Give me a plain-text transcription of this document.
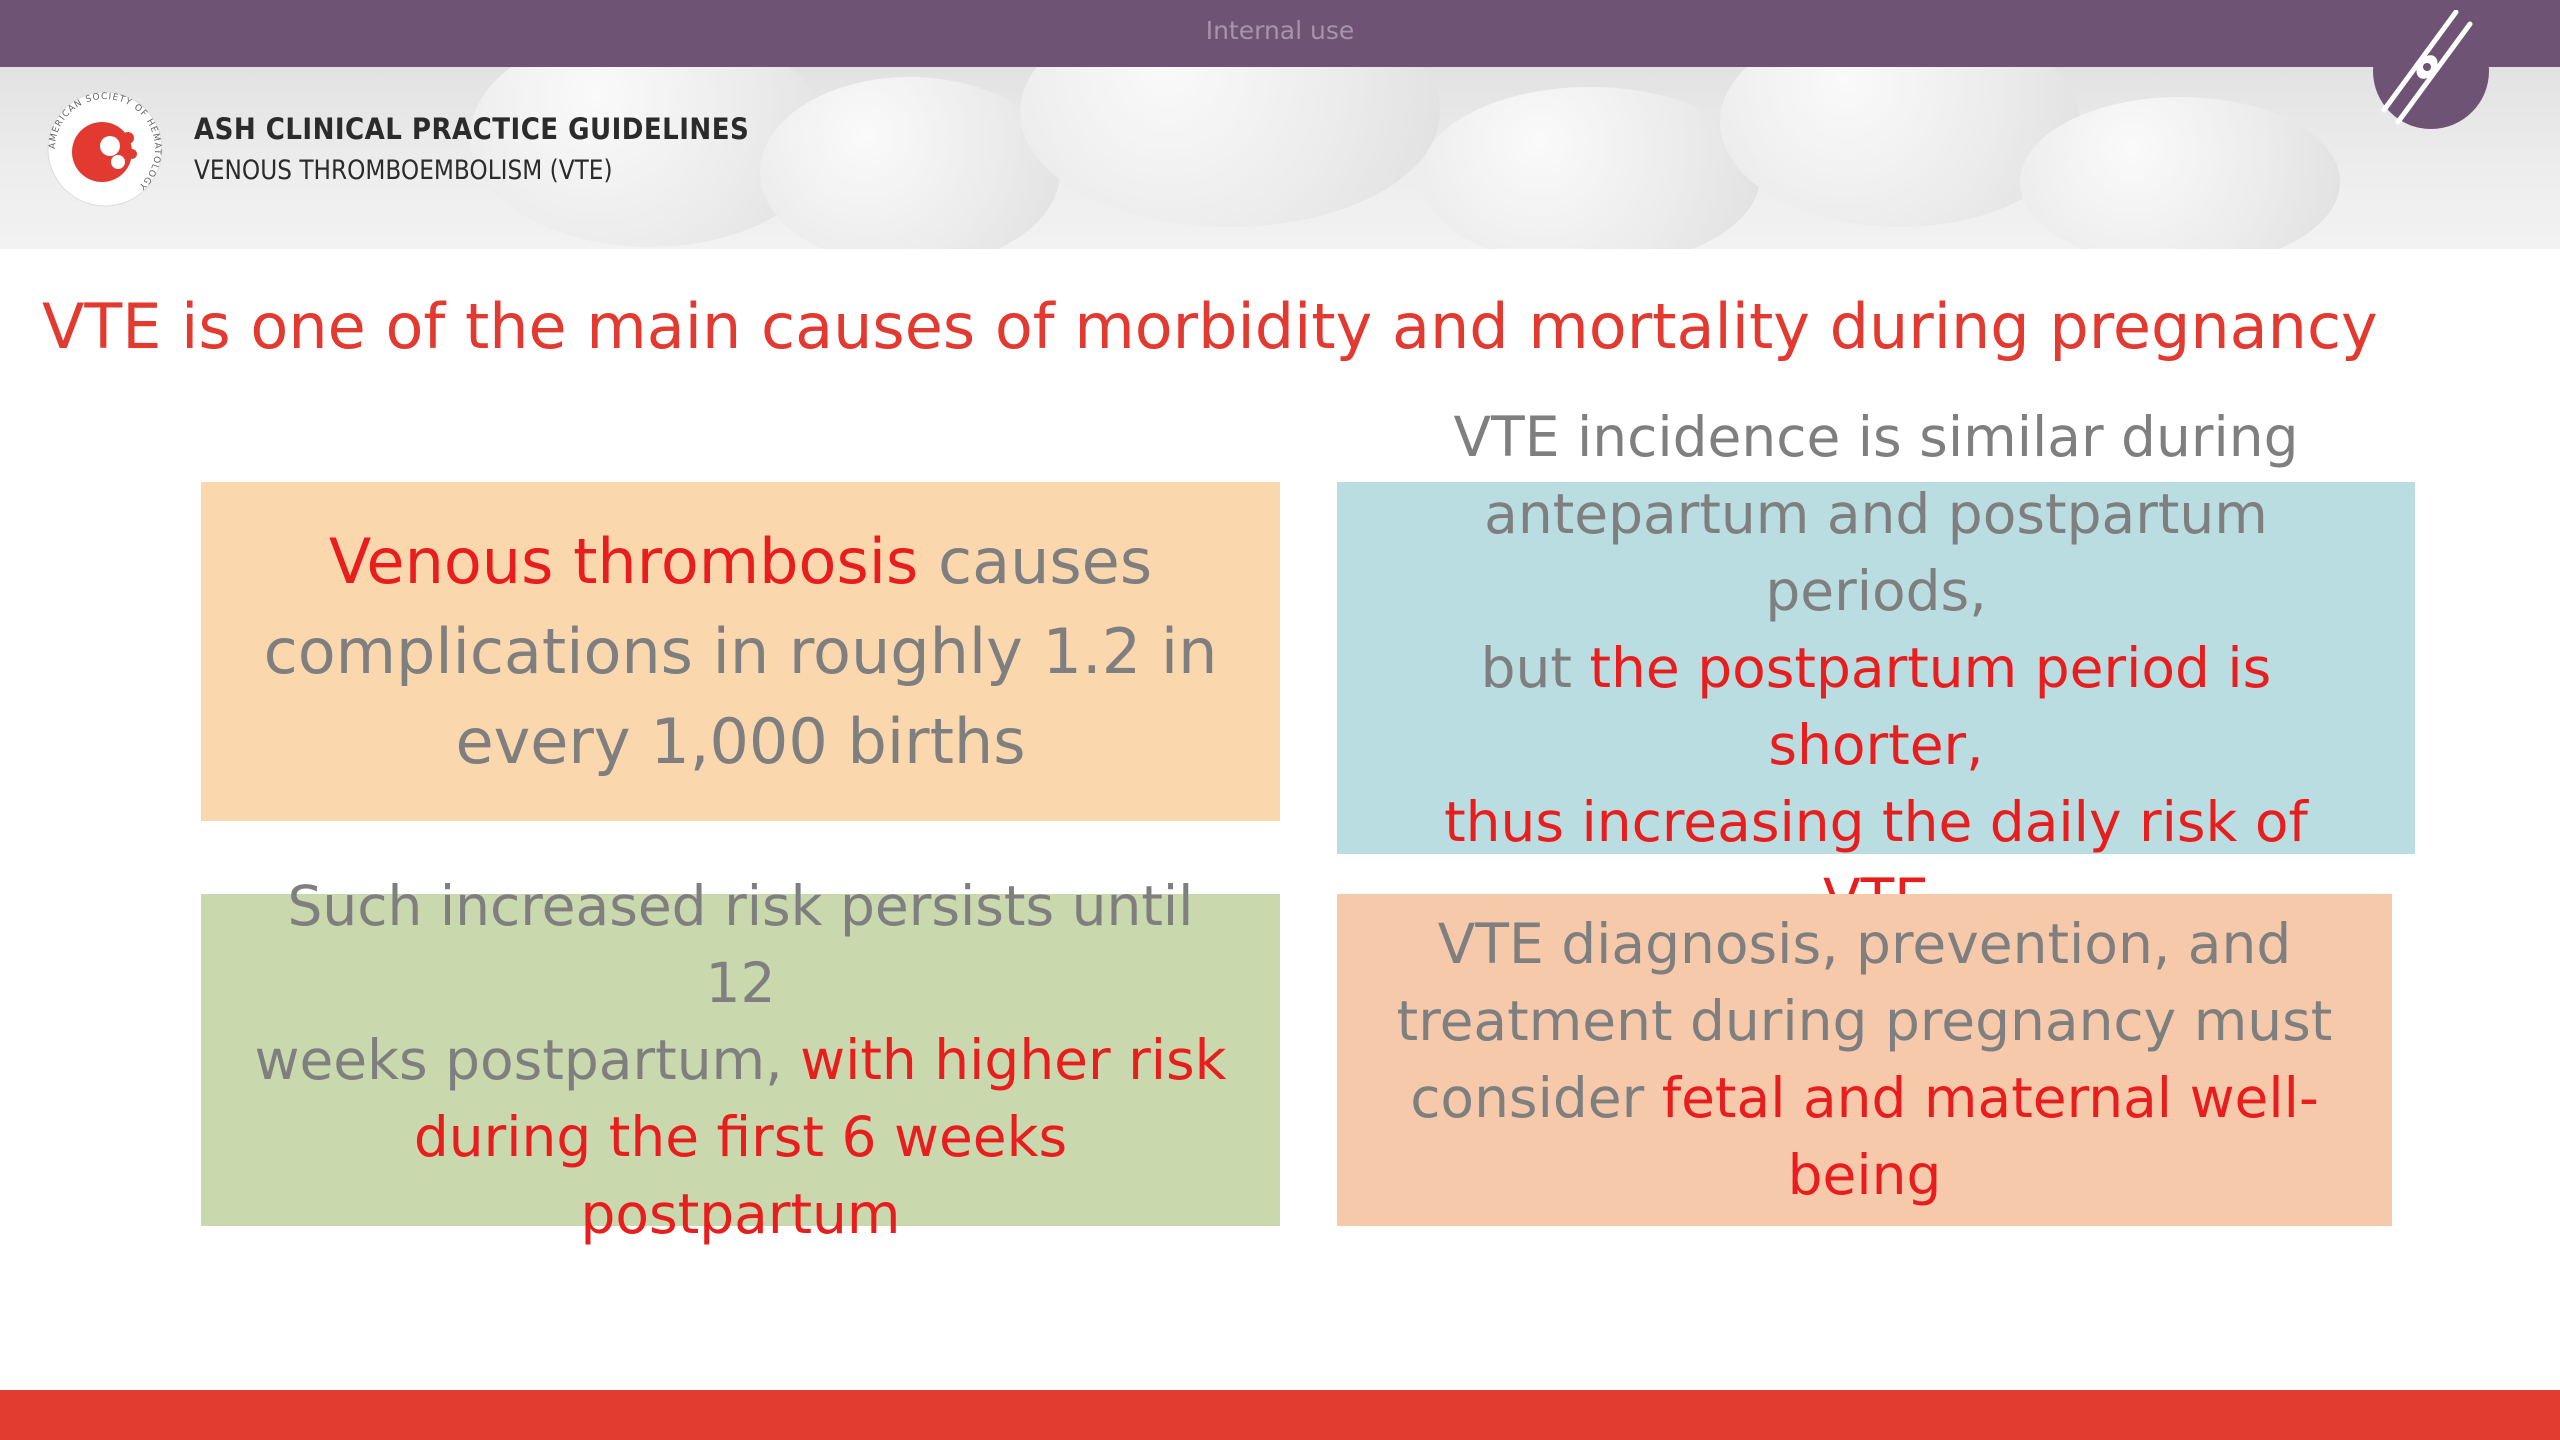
Internal use
AMERICAN SOCIETY OF HEMATOLOGY
ASH CLINICAL PRACTICE GUIDELINES
VENOUS THROMBOEMBOLISM (VTE)
VTE is one of the main causes of morbidity and mortality during pregnancy

Venous thrombosis causes
complications in roughly 1.2 in
every 1,000 births

VTE incidence is similar during
antepartum and postpartum periods,
but the postpartum period is shorter,
thus increasing the daily risk of

Such increased risk persists until 12
weeks postpartum, with higher risk
during the first 6 weeks postpartum

VTE diagnosis, prevention, and
treatment during pregnancy must
consider fetal and maternal well-being
